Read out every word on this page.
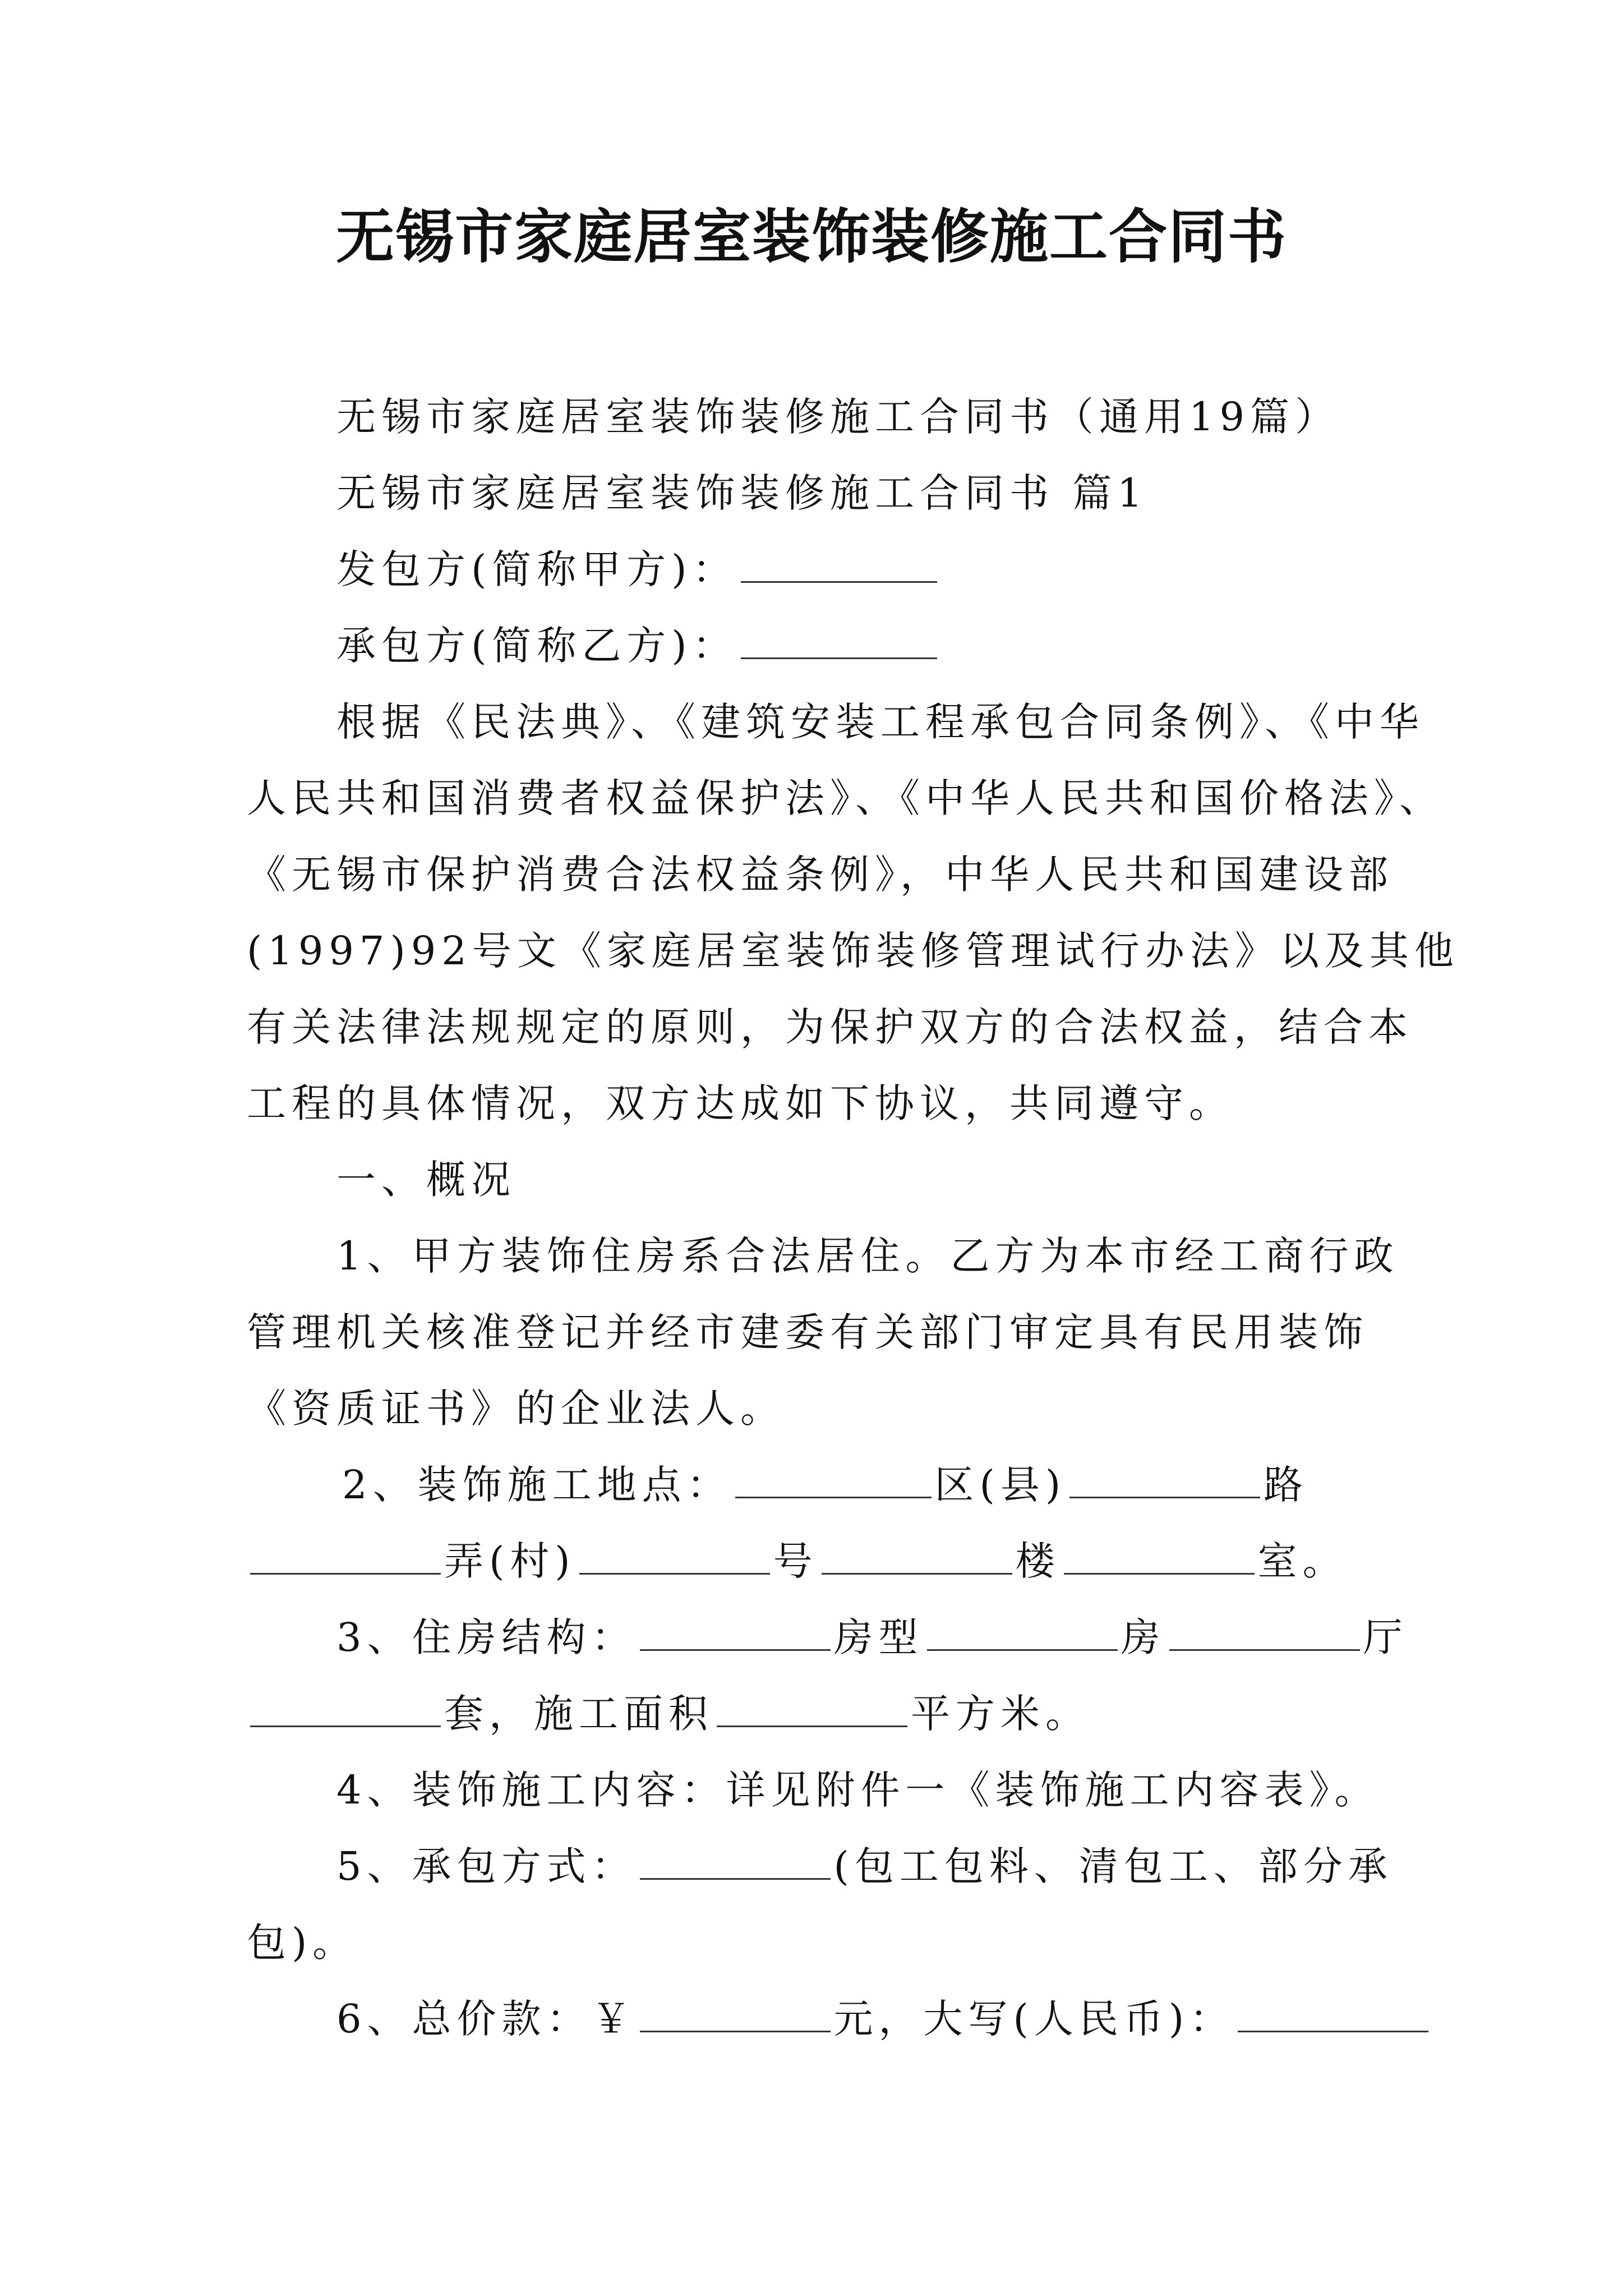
无锡市家庭居室装饰装修施工合同书
无锡市家庭居室装饰装修施工合同书（通用19篇）
无锡市家庭居室装饰装修施工合同书 篇1
发包方(简称甲方)：
承包方(简称乙方)：
根据《民法典》、《建筑安装工程承包合同条例》、《中华
人民共和国消费者权益保护法》、《中华人民共和国价格法》、
《无锡市保护消费合法权益条例》，中华人民共和国建设部
(1997)92号文《家庭居室装饰装修管理试行办法》以及其他
有关法律法规规定的原则，为保护双方的合法权益，结合本
工程的具体情况，双方达成如下协议，共同遵守。
一、概况
1、甲方装饰住房系合法居住。乙方为本市经工商行政
管理机关核准登记并经市建委有关部门审定具有民用装饰
《资质证书》的企业法人。
2、装饰施工地点：	区(县)	路
弄(村)	号	楼	室。
3、住房结构：	房型	房	厅
套，施工面积	平方米。
4、装饰施工内容：详见附件一《装饰施工内容表》。
5、承包方式：	(包工包料、清包工、部分承
包)。
6、总价款：￥	元，大写(人民币)：
